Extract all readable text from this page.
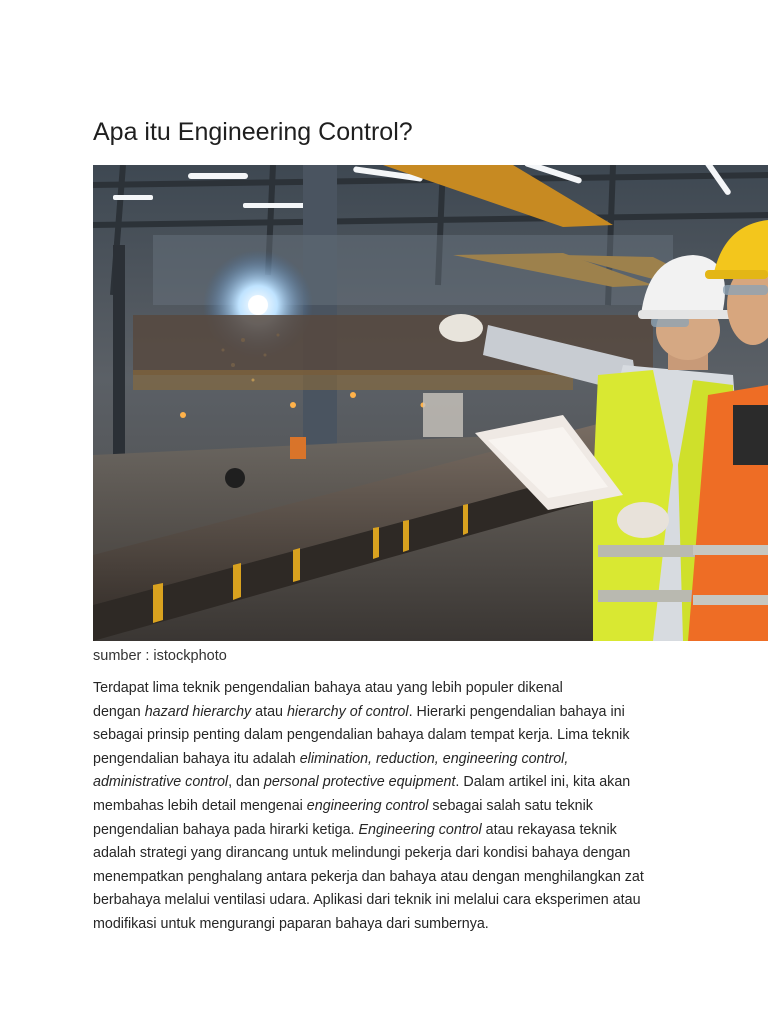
Apa itu Engineering Control?

sumber : istockphoto

Terdapat lima teknik pengendalian bahaya atau yang lebih populer dikenal
dengan hazard hierarchy atau hierarchy of control. Hierarki pengendalian bahaya ini
sebagai prinsip penting dalam pengendalian bahaya dalam tempat kerja. Lima teknik
pengendalian bahaya itu adalah elimination, reduction, engineering control,
administrative control, dan personal protective equipment. Dalam artikel ini, kita akan
membahas lebih detail mengenai engineering control sebagai salah satu teknik
pengendalian bahaya pada hirarki ketiga. Engineering control atau rekayasa teknik
adalah strategi yang dirancang untuk melindungi pekerja dari kondisi bahaya dengan
menempatkan penghalang antara pekerja dan bahaya atau dengan menghilangkan zat
berbahaya melalui ventilasi udara. Aplikasi dari teknik ini melalui cara eksperimen atau
modifikasi untuk mengurangi paparan bahaya dari sumbernya.
